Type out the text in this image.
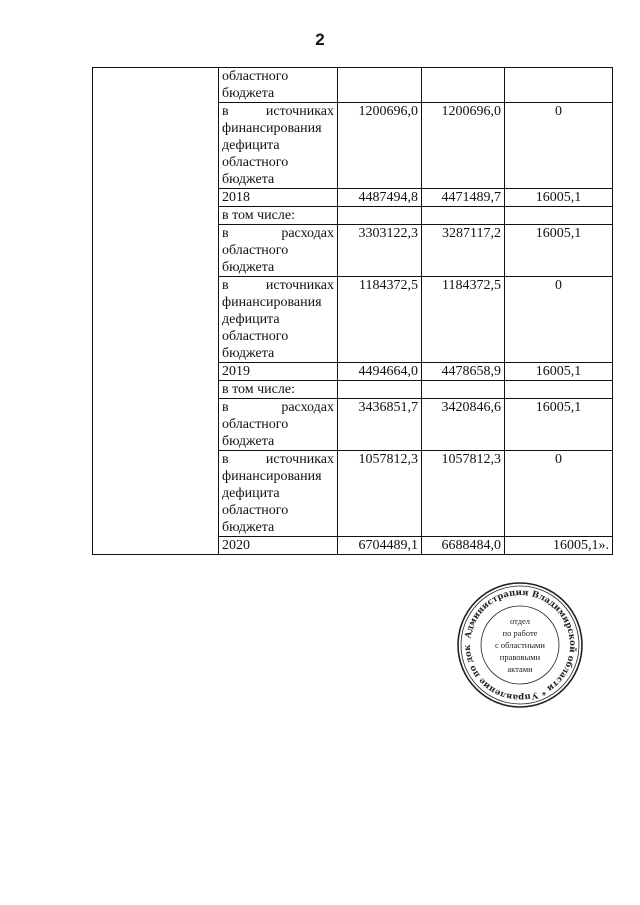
2
	областного бюджета			
	в источниках финансирования дефицита областного бюджета	1200696,0	1200696,0	0
	2018	4487494,8	4471489,7	16005,1
	в том числе:			
	в расходах областного бюджета	3303122,3	3287117,2	16005,1
	в источниках финансирования дефицита областного бюджета	1184372,5	1184372,5	0
	2019	4494664,0	4478658,9	16005,1
	в том числе:			
	в расходах областного бюджета	3436851,7	3420846,6	16005,1
	в источниках финансирования дефицита областного бюджета	1057812,3	1057812,3	0
	2020	6704489,1	6688484,0	16005,1».
Администрация Владимирской области * Управление по док
отдел
по работе
с областными
правовыми
актами
